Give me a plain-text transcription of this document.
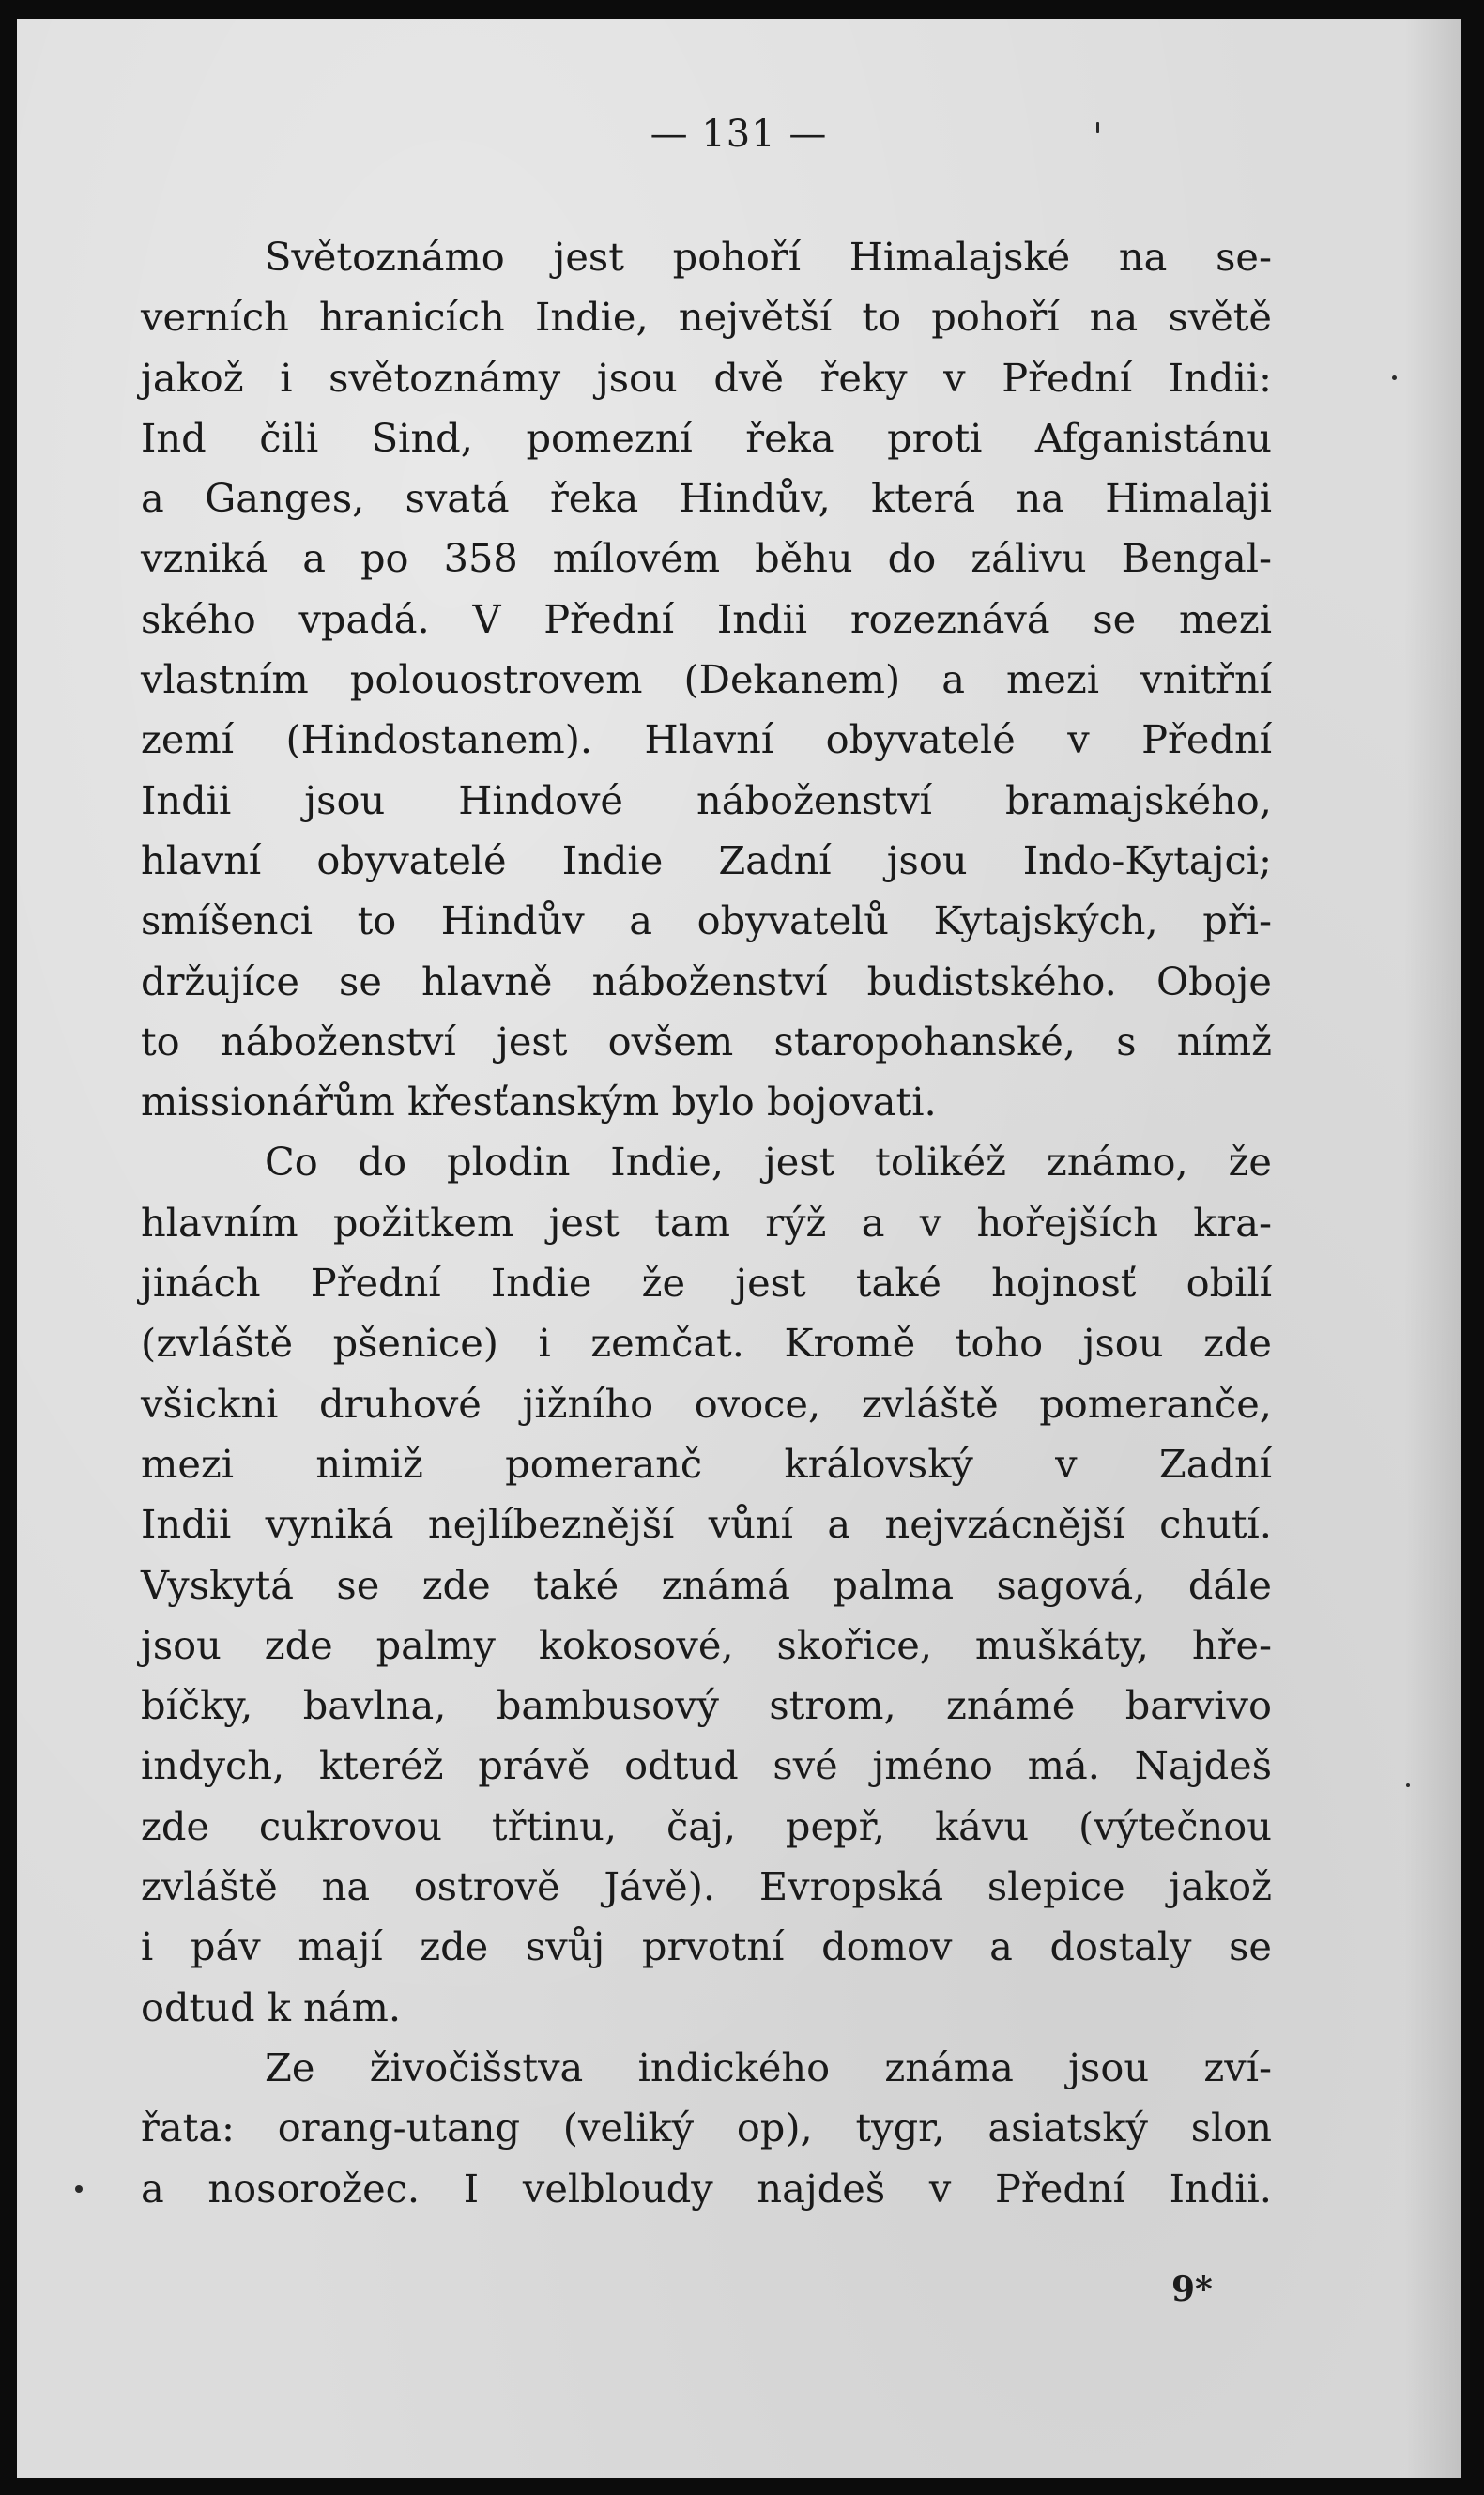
— 131 —

Světoznámo jest pohoří Himalajské na se-
verních hranicích Indie, největší to pohoří na světě
jakož i světoznámy jsou dvě řeky v Přední Indii:
Ind čili Sind, pomezní řeka proti Afganistánu
a Ganges, svatá řeka Hindův, která na Himalaji
vzniká a po 358 mílovém běhu do zálivu Bengal-
ského vpadá. V Přední Indii rozeznává se mezi
vlastním polouostrovem (Dekanem) a mezi vnitřní
zemí (Hindostanem). Hlavní obyvatelé v Přední
Indii jsou Hindové náboženství bramajského,
hlavní obyvatelé Indie Zadní jsou Indo-Kytajci;
smíšenci to Hindův a obyvatelů Kytajských, při-
držujíce se hlavně náboženství budistského. Oboje
to náboženství jest ovšem staropohanské, s nímž
missionářům křesťanským bylo bojovati.
Co do plodin Indie, jest tolikéž známo, že
hlavním požitkem jest tam rýž a v hořejších kra-
jinách Přední Indie že jest také hojnosť obilí
(zvláště pšenice) i zemčat. Kromě toho jsou zde
všickni druhové jižního ovoce, zvláště pomeranče,
mezi nimiž pomeranč královský v Zadní
Indii vyniká nejlíbeznější vůní a nejvzácnější chutí.
Vyskytá se zde také známá palma sagová, dále
jsou zde palmy kokosové, skořice, muškáty, hře-
bíčky, bavlna, bambusový strom, známé barvivo
indych, kteréž právě odtud své jméno má. Najdeš
zde cukrovou třtinu, čaj, pepř, kávu (výtečnou
zvláště na ostrově Jávě). Evropská slepice jakož
i páv mají zde svůj prvotní domov a dostaly se
odtud k nám.
Ze živočišstva indického známa jsou zví-
řata: orang-utang (veliký op), tygr, asiatský slon
a nosorožec. I velbloudy najdeš v Přední Indii.
9*
